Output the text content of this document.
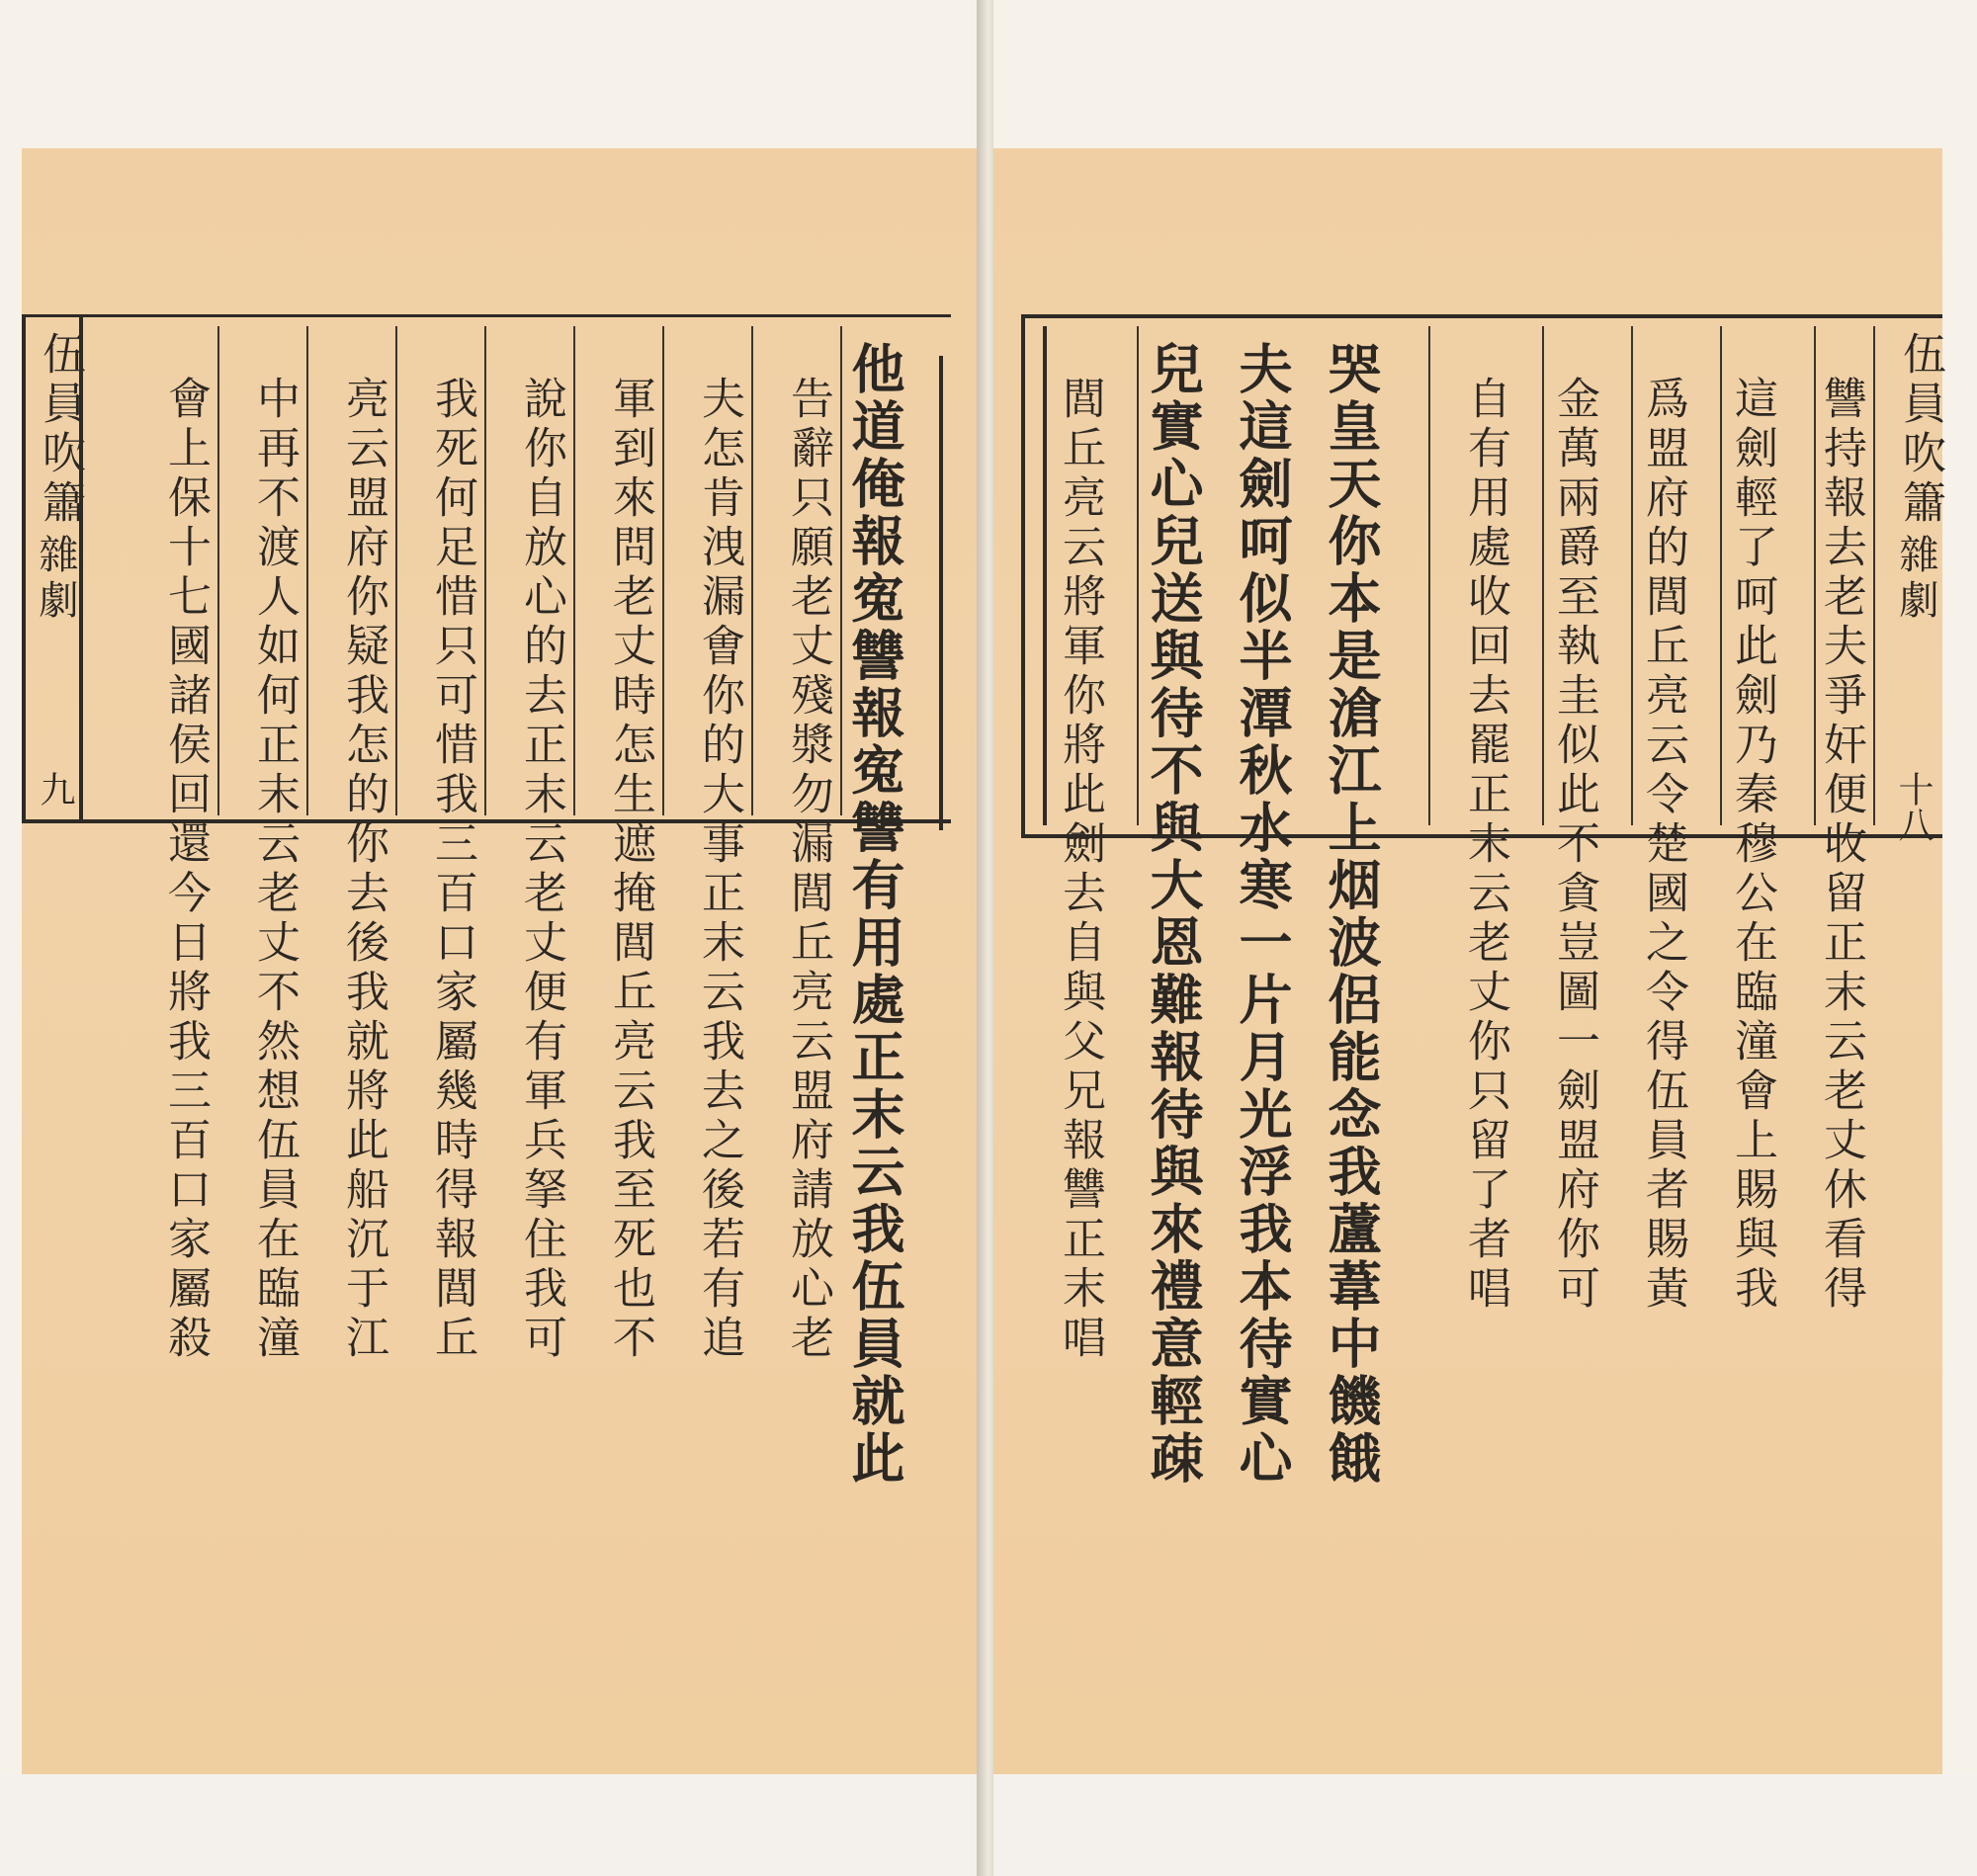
伍員吹簫
雜劇
九	他道俺報寃讐報寃讐有用處正末云我伍員就此
告辭只願老丈殘漿勿漏閭丘亮云盟府請放心老
夫怎肯洩漏㑹你的大事正末云我去之後若有追
軍到來問老丈時怎生遮掩閭丘亮云我至死也不
說你自放心的去正末云老丈便有軍兵拏住我可
我死何足惜只可惜我三百口家屬幾時得報閭丘
亮云盟府你疑我怎的你去後我就將此船沉于江
中再不渡人如何正末云老丈不然想伍員在臨潼
會上保十七國諸侯回還今日將我三百口家屬殺	伍員吹簫
雜劇
十八
讐持報去老夫爭奸便收留正末云老丈休看得
這劍輕了呵此劍乃秦穆公在臨潼會上賜與我
爲盟府的閭丘亮云令楚國之令得伍員者賜黃
金萬兩爵至執圭似此不貪豈圖一劍盟府你可
自有用處收回去罷正末云老丈你只留了者唱
哭皇天你本是滄江上烟波侶能念我蘆葦中饑餓
夫這劍呵似半潭秋水寒一片月光浮我本待實心
兒實心兒送與待不與大恩難報待與來禮意輕疎
閭丘亮云將軍你將此劍去自與父兄報讐正末唱
